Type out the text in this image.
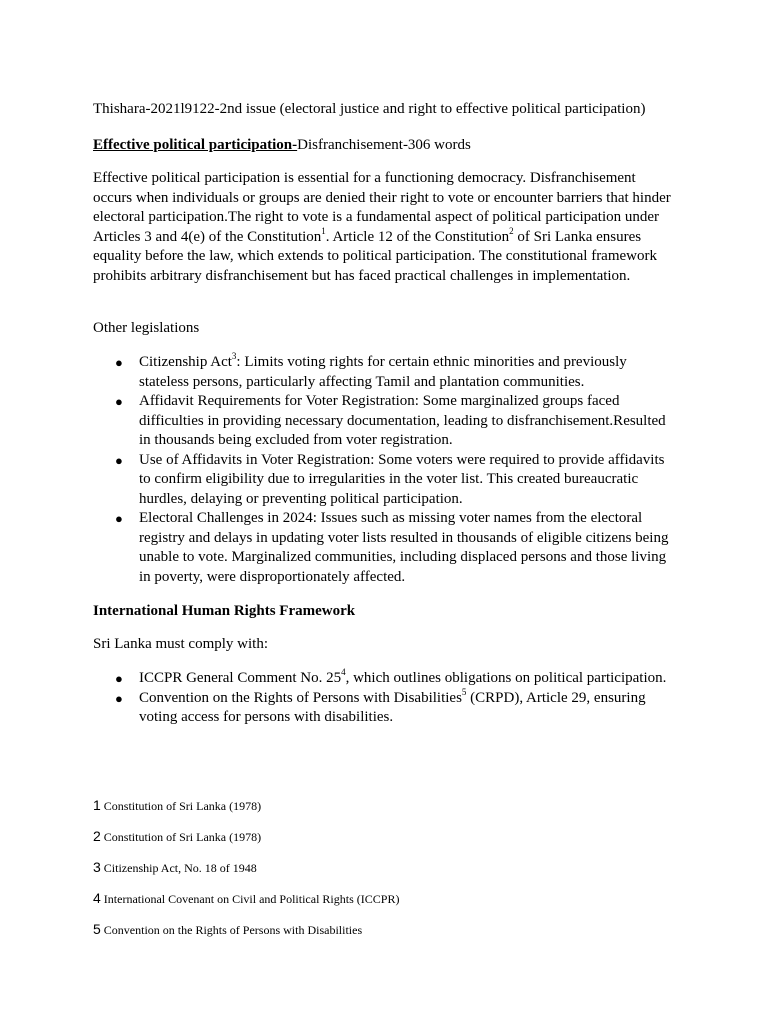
Thishara-2021l9122-2nd issue (electoral justice and right to effective political participation)

Effective political participation-Disfranchisement-306 words

Effective political participation is essential for a functioning democracy. Disfranchisement occurs when individuals or groups are denied their right to vote or encounter barriers that hinder electoral participation.The right to vote is a fundamental aspect of political participation under Articles 3 and 4(e) of the Constitution$^1$. Article 12 of the Constitution$^2$ of Sri Lanka ensures equality before the law, which extends to political participation. The constitutional framework prohibits arbitrary disfranchisement but has faced practical challenges in implementation.

Other legislations

● Citizenship Act$^3$: Limits voting rights for certain ethnic minorities and previously stateless persons, particularly affecting Tamil and plantation communities.
● Affidavit Requirements for Voter Registration: Some marginalized groups faced difficulties in providing necessary documentation, leading to disfranchisement.Resulted in thousands being excluded from voter registration.
● Use of Affidavits in Voter Registration: Some voters were required to provide affidavits to confirm eligibility due to irregularities in the voter list. This created bureaucratic hurdles, delaying or preventing political participation.
● Electoral Challenges in 2024: Issues such as missing voter names from the electoral registry and delays in updating voter lists resulted in thousands of eligible citizens being unable to vote. Marginalized communities, including displaced persons and those living in poverty, were disproportionately affected.

International Human Rights Framework

Sri Lanka must comply with:

● ICCPR General Comment No. $25^4$, which outlines obligations on political participation.
● Convention on the Rights of Persons with Disabilities$^5$ (CRPD), Article 29, ensuring voting access for persons with disabilities.

1 Constitution of Sri Lanka (1978)

2 Constitution of Sri Lanka (1978)

3 Citizenship Act, No. 18 of 1948

4 International Covenant on Civil and Political Rights (ICCPR)

5 Convention on the Rights of Persons with Disabilities
